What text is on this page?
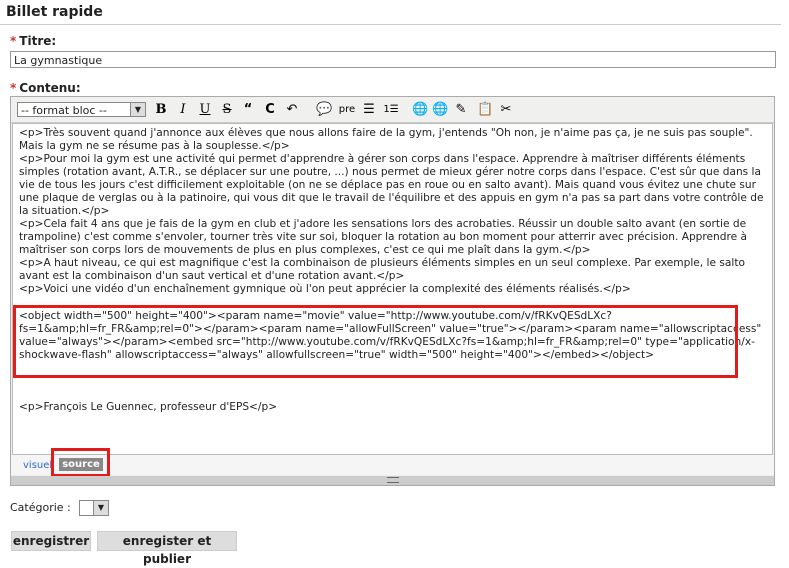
Billet rapide
* Titre:
La gymnastique
* Contenu:
-- format bloc --	▼	B	I	U S “ C ↶ 💬 pre ☰ 1☰ 🌐 🌐 ✎ 📋 ✂

<p>Très souvent quand j'annonce aux élèves que nous allons faire de la gym, j'entends "Oh non, je n'aime pas ça, je ne suis pas souple". Mais la gym ne se résume pas à la souplesse.</p>

<p>Pour moi la gym est une activité qui permet d'apprendre à gérer son corps dans l'espace. Apprendre à maîtriser différents éléments simples (rotation avant, A.T.R., se déplacer sur une poutre, ...) nous permet de mieux gérer notre corps dans l'espace. C'est sûr que dans la vie de tous les jours c'est difficilement exploitable (on ne se déplace pas en roue ou en salto avant). Mais quand vous évitez une chute sur une plaque de verglas ou à la patinoire, qui vous dit que le travail de l'équilibre et des appuis en gym n'a pas sa part dans votre contrôle de la situation.</p>

<p>Cela fait 4 ans que je fais de la gym en club et j'adore les sensations lors des acrobaties. Réussir un double salto avant (en sortie de trampoline) c'est comme s'envoler, tourner très vite sur soi, bloquer la rotation au bon moment pour atterrir avec précision. Apprendre à maîtriser son corps lors de mouvements de plus en plus complexes, c'est ce qui me plaît dans la gym.</p>

<p>A haut niveau, ce qui est magnifique c'est la combinaison de plusieurs éléments simples en un seul complexe. Par exemple, le salto avant est la combinaison d'un saut vertical et d'une rotation avant.</p>

<p>Voici une vidéo d'un enchaînement gymnique où l'on peut apprécier la complexité des éléments réalisés.</p>

<object width="500" height="400"><param name="movie" value="http://www.youtube.com/v/fRKvQESdLXc?fs=1&amp;hl=fr_FR&amp;rel=0"></param><param name="allowFullScreen" value="true"></param><param name="allowscriptaccess" value="always"></param><embed src="http://www.youtube.com/v/fRKvQESdLXc?fs=1&amp;hl=fr_FR&amp;rel=0" type="application/x-shockwave-flash" allowscriptaccess="always" allowfullscreen="true" width="500" height="400"></embed></object>

<p>François Le Guennec, professeur d'EPS</p>

visuel	source
Catégorie :	▼
enregistrer	enregister et publier
